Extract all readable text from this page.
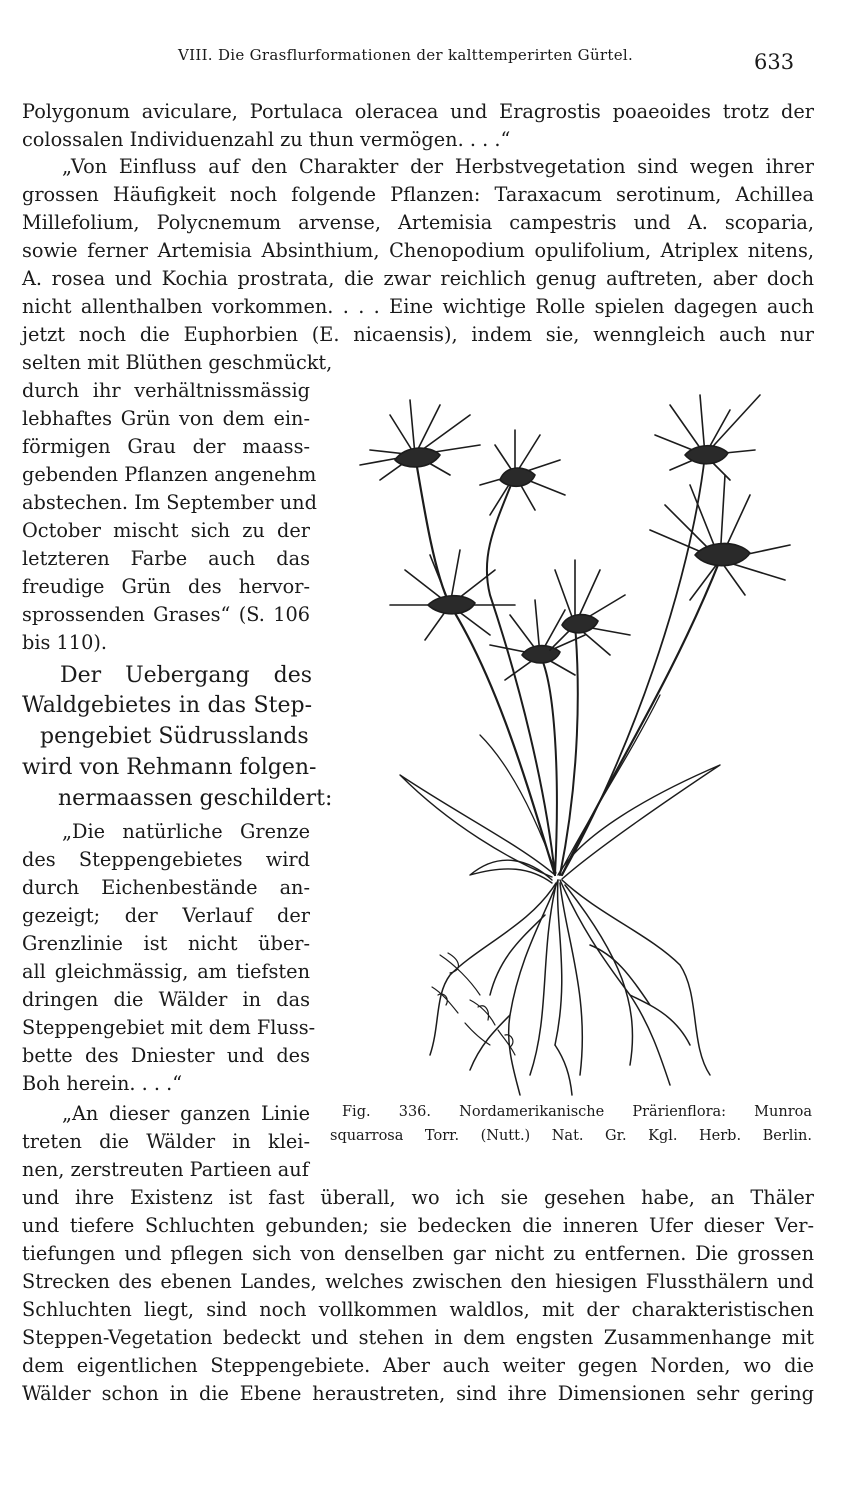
VIII. Die Grasflurformationen der kalttemperirten Gürtel.	633
Polygonum aviculare, Portulaca oleracea und Eragrostis poaeoides trotz der
colossalen Individuenzahl zu thun vermögen. . . .“
„Von Einfluss auf den Charakter der Herbstvegetation sind wegen ihrer
grossen Häufigkeit noch folgende Pflanzen: Taraxacum serotinum, Achillea
Millefolium, Polycnemum arvense, Artemisia campestris und A. scoparia,
sowie ferner Artemisia Absinthium, Chenopodium opulifolium, Atriplex nitens,
A. rosea und Kochia prostrata, die zwar reichlich genug auftreten, aber doch
nicht allenthalben vorkommen. . . . Eine wichtige Rolle spielen dagegen auch
jetzt noch die Euphorbien (E. nicaensis), indem sie, wenngleich auch nur
selten mit Blüthen geschmückt,
durch ihr verhältnissmässig
lebhaftes Grün von dem ein-
förmigen Grau der maass-
gebenden Pflanzen angenehm
abstechen. Im September und
October mischt sich zu der
letzteren Farbe auch das
freudige Grün des hervor-
sprossenden Grases“ (S. 106
bis 110).
Der Uebergang des
Waldgebietes in das Step-
pengebiet Südrusslands
wird von Rehmann folgen-
nermaassen geschildert:
„Die natürliche Grenze
des Steppengebietes wird
durch Eichenbestände an-
gezeigt; der Verlauf der
Grenzlinie ist nicht über-
all gleichmässig, am tiefsten
dringen die Wälder in das
Steppengebiet mit dem Fluss-
bette des Dniester und des
Boh herein. . . .“
„An dieser ganzen Linie
treten die Wälder in klei-
nen, zerstreuten Partieen auf
Fig. 336. Nordamerikanische Prärienflora: Munroa
squarrosa Torr. (Nutt.) Nat. Gr. Kgl. Herb. Berlin.
und ihre Existenz ist fast überall, wo ich sie gesehen habe, an Thäler
und tiefere Schluchten gebunden; sie bedecken die inneren Ufer dieser Ver-
tiefungen und pflegen sich von denselben gar nicht zu entfernen. Die grossen
Strecken des ebenen Landes, welches zwischen den hiesigen Flussthälern und
Schluchten liegt, sind noch vollkommen waldlos, mit der charakteristischen
Steppen-Vegetation bedeckt und stehen in dem engsten Zusammenhange mit
dem eigentlichen Steppengebiete. Aber auch weiter gegen Norden, wo die
Wälder schon in die Ebene heraustreten, sind ihre Dimensionen sehr gering
